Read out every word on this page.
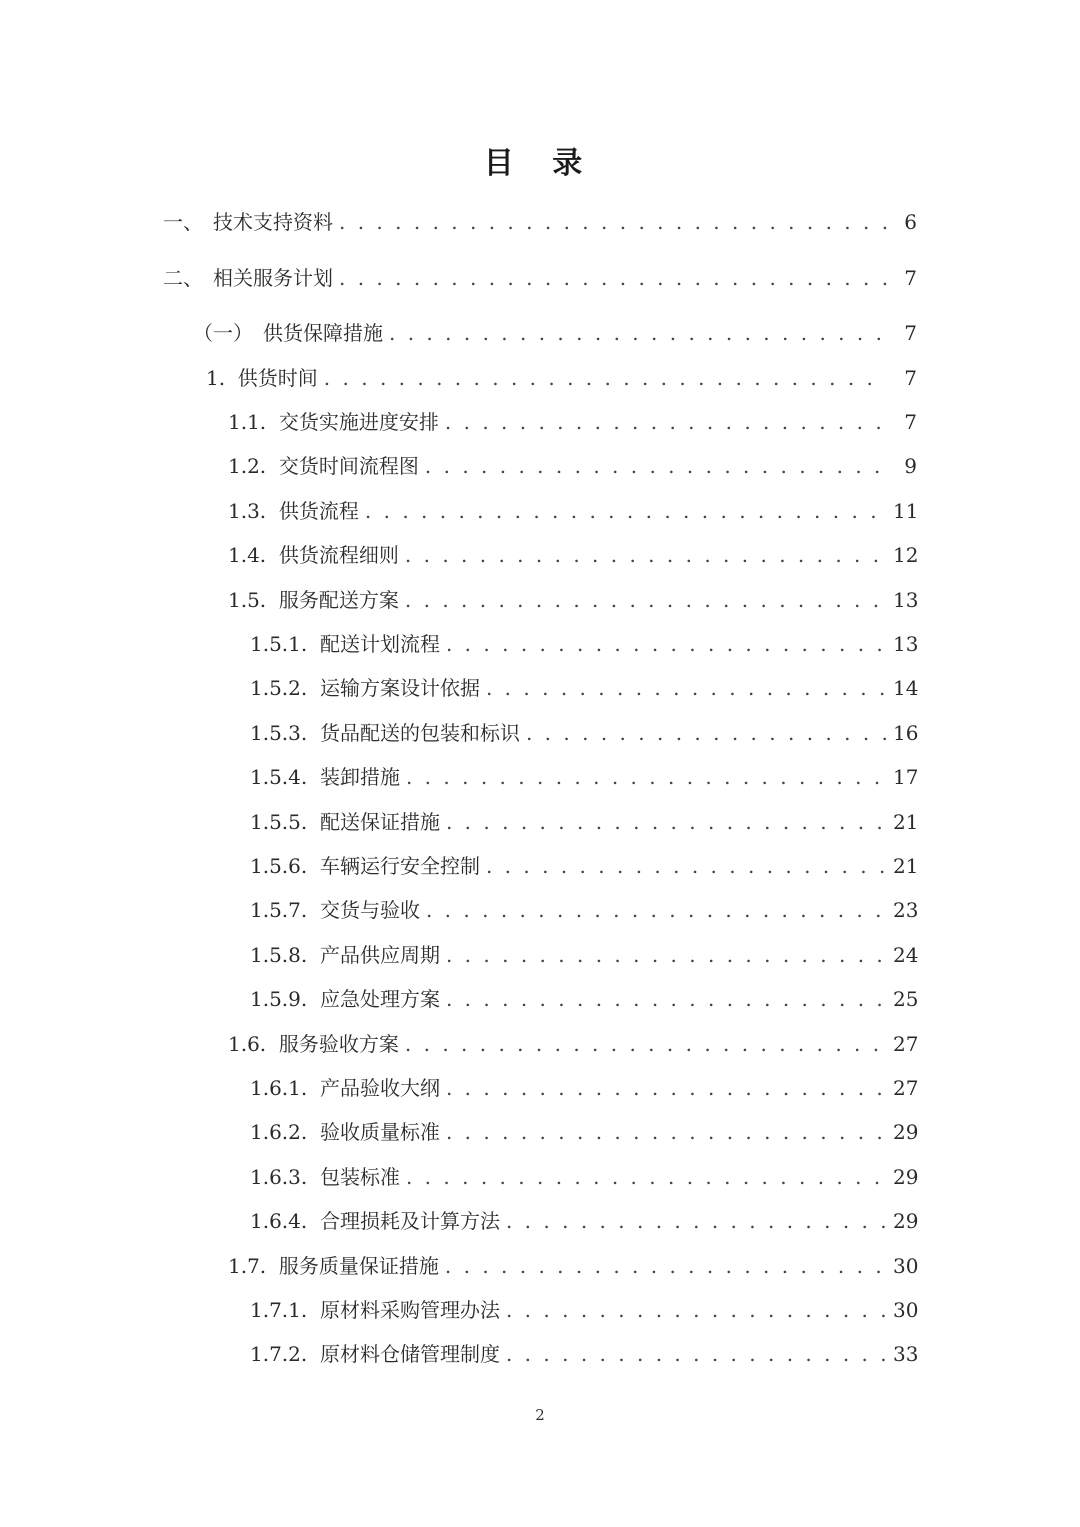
目 录
一、　 技术支持资料 . . .	6
二、　 相关服务计划 . . .	7
（一）　 供货保障措施 . . .	7
1. 供货时间 . . .	7
1.1. 交货实施进度安排 . . .	7
1.2. 交货时间流程图 . . .	9
1.3. 供货流程 . . .	11
1.4. 供货流程细则 . . .	12
1.5. 服务配送方案 . . .	13
1.5.1. 配送计划流程 . . .	13
1.5.2. 运输方案设计依据 . . .	14
1.5.3. 货品配送的包装和标识 . . .	16
1.5.4. 装卸措施 . . .	17
1.5.5. 配送保证措施 . . .	21
1.5.6. 车辆运行安全控制 . . .	21
1.5.7. 交货与验收 . . .	23
1.5.8. 产品供应周期 . . .	24
1.5.9. 应急处理方案 . . .	25
1.6. 服务验收方案 . . .	27
1.6.1. 产品验收大纲 . . .	27
1.6.2. 验收质量标准 . . .	29
1.6.3. 包装标准 . . .	29
1.6.4. 合理损耗及计算方法 . . .	29
1.7. 服务质量保证措施 . . .	30
1.7.1. 原材料采购管理办法 . . .	30
1.7.2. 原材料仓储管理制度 . . .	33
2
